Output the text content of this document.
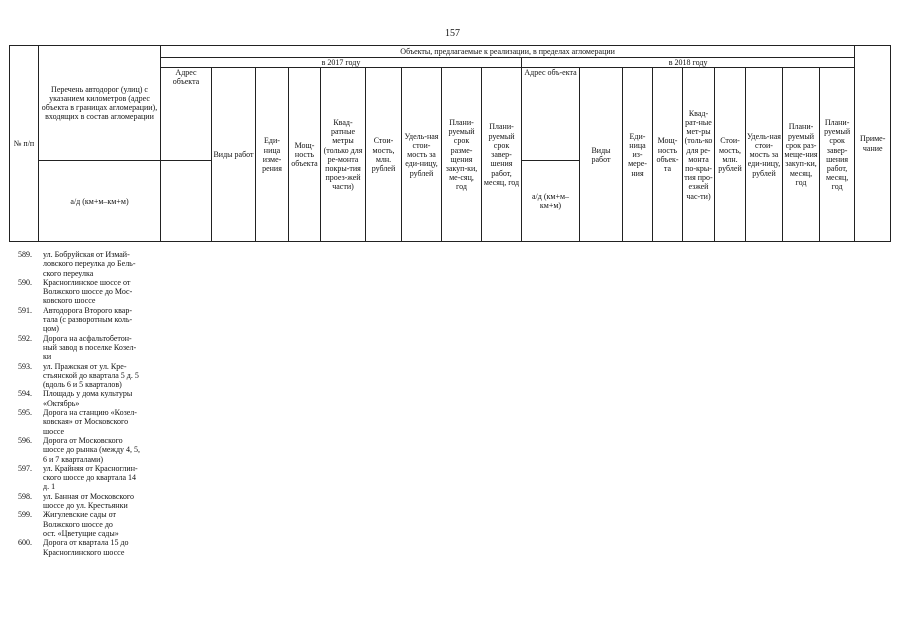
157
№ п/п	Перечень автодорог (улиц) с указанием километров (адрес объекта в границах агломерации), входящих в состав агломерации	Объекты, предлагаемые к реализации, в пределах агломерации																		Приме-чание
		в 2017 году									в 2018 году									
		Адрес объекта	Виды работ	Еди-ница изме-рения	Мощ-ность объекта	Квад-ратные метры (только для ре-монта покры-тия проез-жей части)	Стои-мость, млн. рублей	Удель-ная стои-мость за еди-ницу, рублей	Плани-руемый срок разме-щения закуп-ки, ме-сяц, год	Плани-руемый срок завер-шения работ, месяц, год	Адрес объ-екта	Виды работ	Еди-ница из-мере-ния	Мощ-ность объек-та	Квад-рат-ные мет-ры (толь-ко для ре-монта по-кры-тия про-езжей час-ти)	Стои-мость, млн. рублей	Удель-ная стои-мость за еди-ницу, рублей	Плани-руемый срок раз-меще-ния закуп-ки, месяц, год	Плани-руемый срок завер-шения работ, месяц, год	
	а/д (км+м–км+м)										а/д (км+м–км+м)									
589. ул. Бобруйская от Измай-
ловского переулка до Бель-
ского переулка
590. Красноглинское шоссе от
Волжского шоссе до Мос-
ковского шоссе
591. Автодорога Второго квар-
тала (с разворотным коль-
цом)
592. Дорога на асфальтобетон-
ный завод в поселке Козел-
ки
593. ул. Пражская от ул. Кре-
стьянской до квартала 5 д. 5
(вдоль 6 и 5 кварталов)
594. Площадь у дома культуры
«Октябрь»
595. Дорога на станцию «Козел-
ковская» от Московского
шоссе
596. Дорога от Московского
шоссе до рынка (между 4, 5,
6 и 7 кварталами)
597. ул. Крайняя от Красноглин-
ского шоссе до квартала 14
д. 1
598. ул. Банная от Московского
шоссе до ул. Крестьянки
599. Жигулевские сады от
Волжского шоссе до
ост. «Цветущие сады»
600. Дорога от квартала 15 до
Красноглинского шоссе
